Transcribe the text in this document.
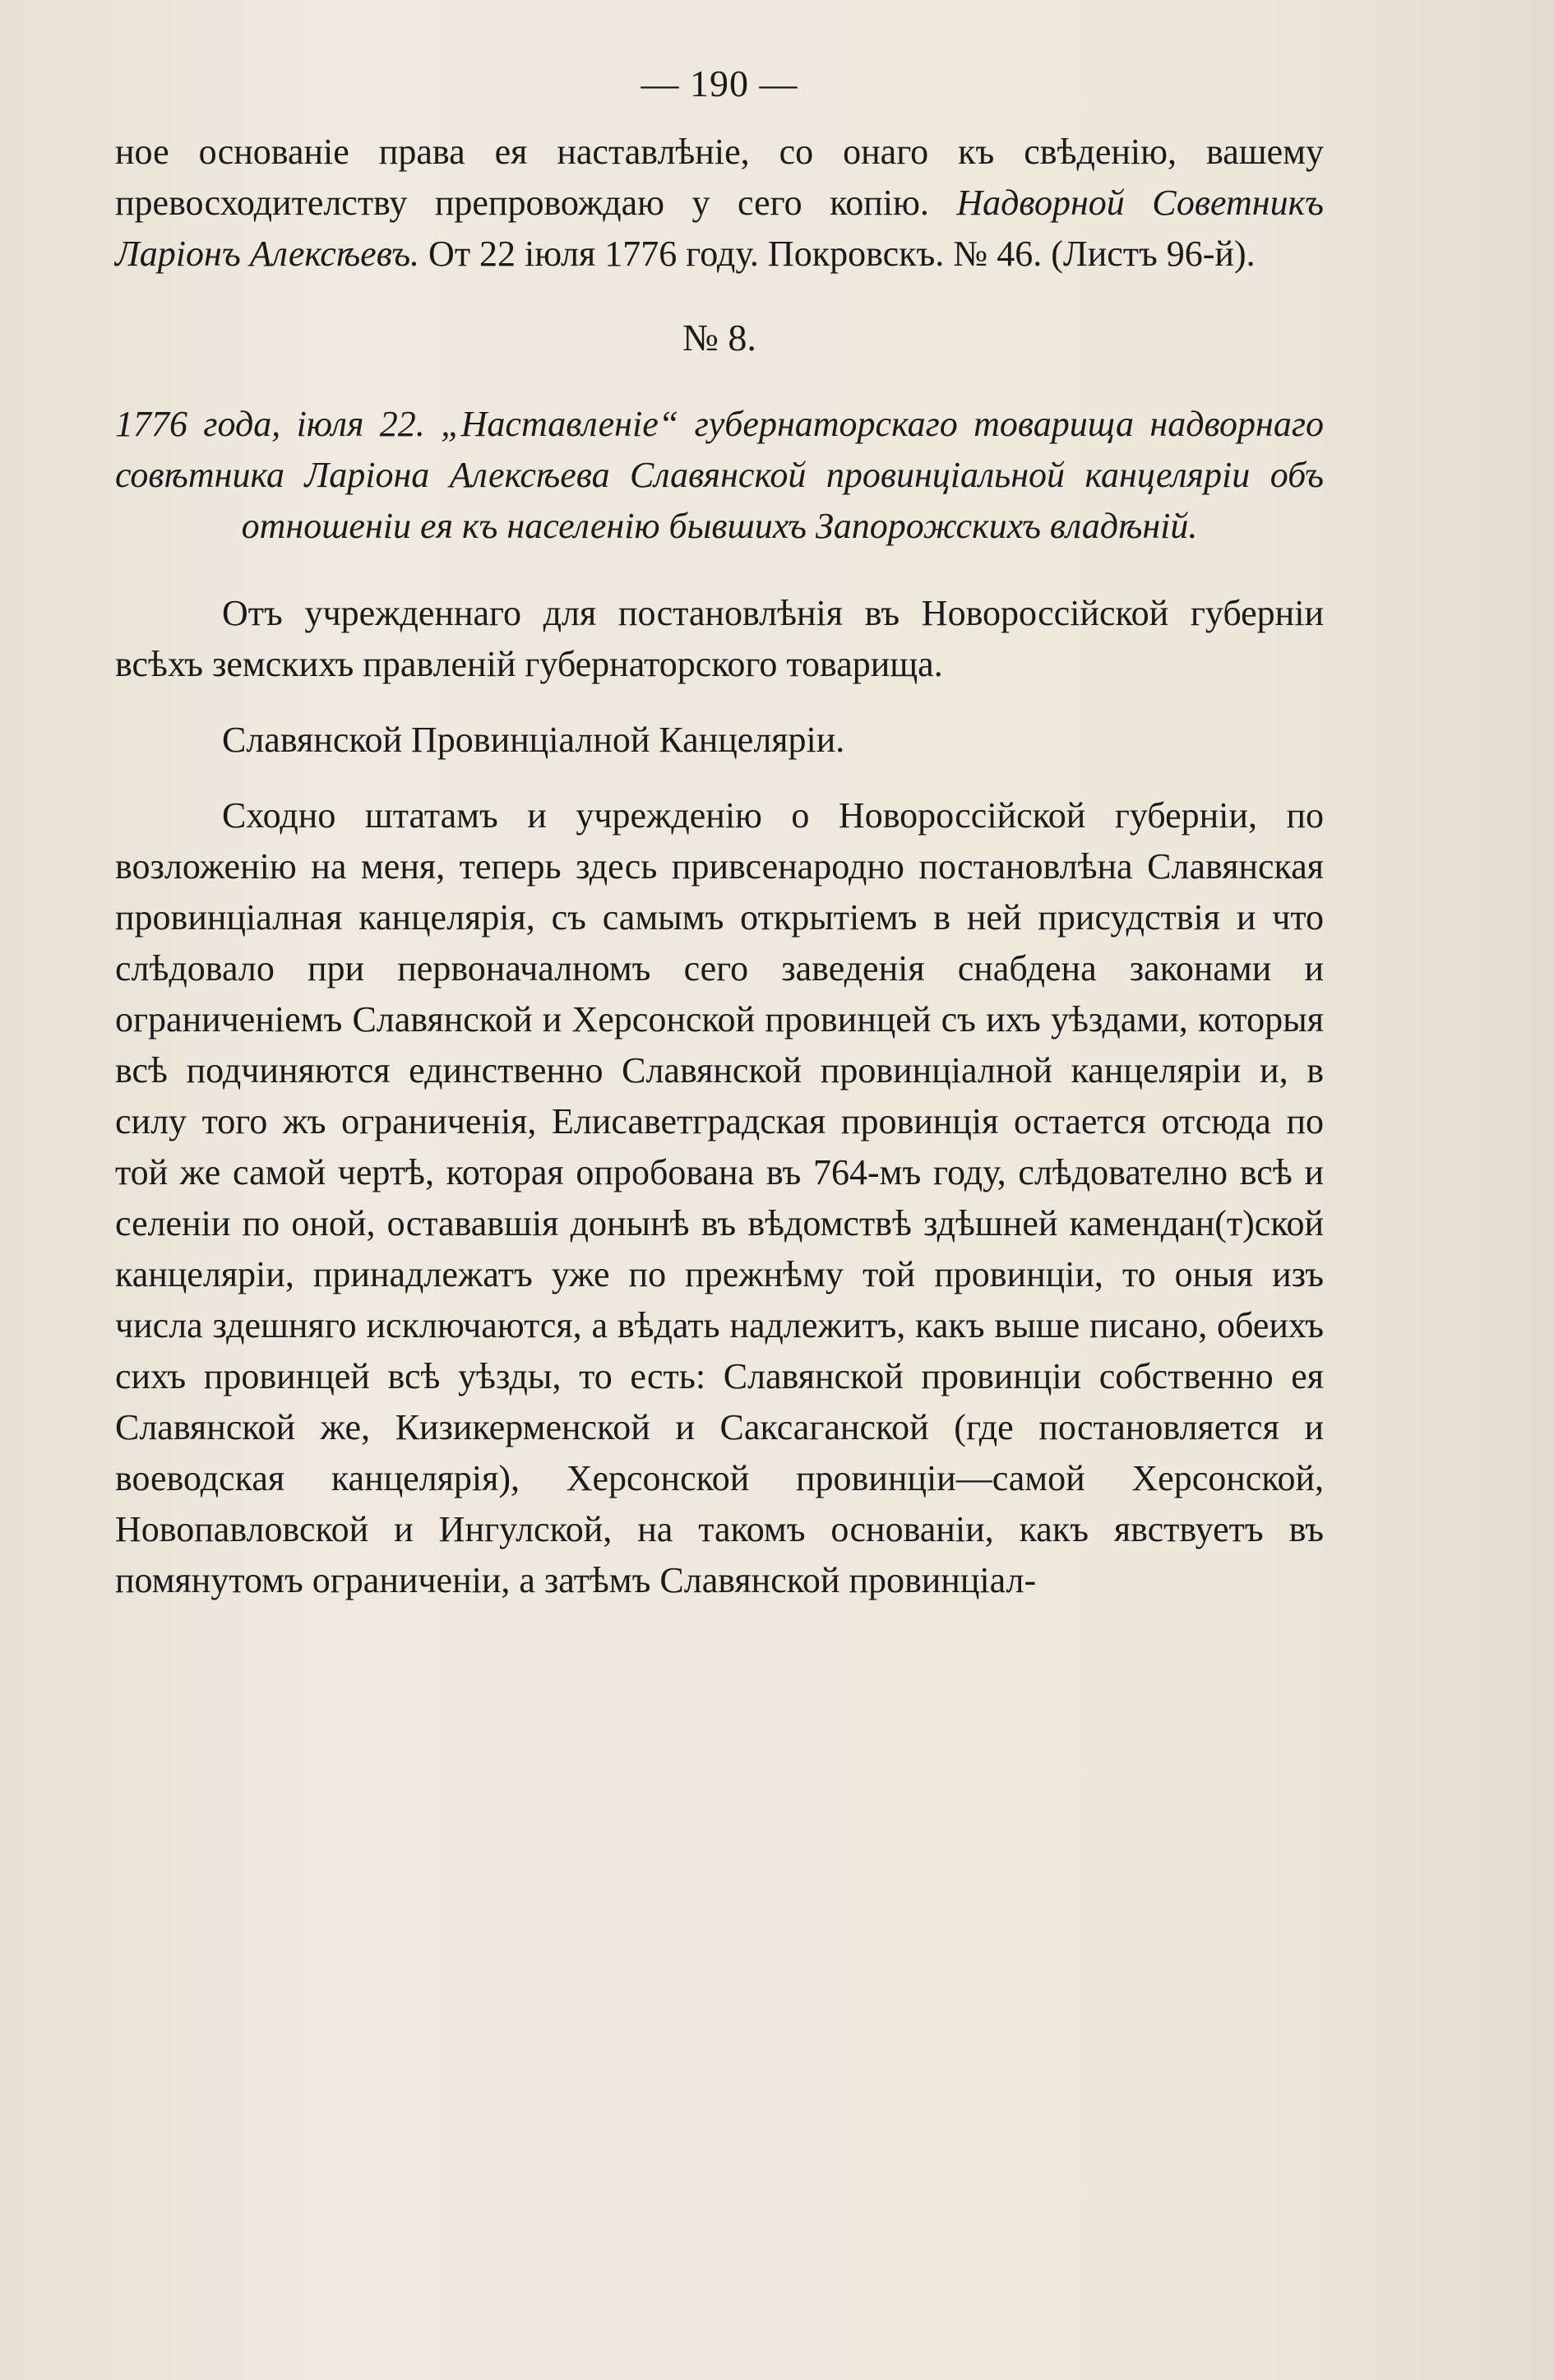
— 190 —

ное основаніе права ея наставлѣніе, со онаго къ свѣденію, вашему превосходителству препровождаю у сего копію. Надворной Советникъ Ларіонъ Алексѣевъ. От 22 іюля 1776 году. Покровскъ. № 46. (Листъ 96-й).

№ 8.

1776 года, іюля 22. „Наставленіе“ губернаторскаго товарища надворнаго совѣтника Ларіона Алексѣева Славянской провинціальной канцеляріи объ отношеніи ея къ населенію бывшихъ Запорожскихъ владѣній.

Отъ учрежденнаго для постановлѣнія въ Новороссійской губерніи всѣхъ земскихъ правленій губернаторского товарища.

Славянской Провинціалной Канцеляріи.

Сходно штатамъ и учрежденію о Новороссійской губерніи, по возложенію на меня, теперь здесь привсенародно постановлѣна Славянская провинціалная канцелярія, съ самымъ открытіемъ в ней присудствія и что слѣдовало при первоначалномъ сего заведенія снабдена законами и ограниченіемъ Славянской и Херсонской провинцей съ ихъ уѣздами, которыя всѣ подчиняются единственно Славянской провинціалной канцеляріи и, в силу того жъ ограниченія, Елисаветградская провинція остается отсюда по той же самой чертѣ, которая опробована въ 764-мъ году, слѣдователно всѣ и селеніи по оной, остававшія донынѣ въ вѣдомствѣ здѣшней камендан(т)ской канцеляріи, принадлежатъ уже по прежнѣму той провинціи, то оныя изъ числа здешняго исключаются, а вѣдать надлежитъ, какъ выше писано, обеихъ сихъ провинцей всѣ уѣзды, то есть: Славянской провинціи собственно ея Славянской же, Кизикерменской и Саксаганской (где постановляется и воеводская канцелярія), Херсонской провинціи—самой Херсонской, Новопавловской и Ингулской, на такомъ основаніи, какъ явствуетъ въ помянутомъ ограниченіи, а затѣмъ Славянской провинціал-
